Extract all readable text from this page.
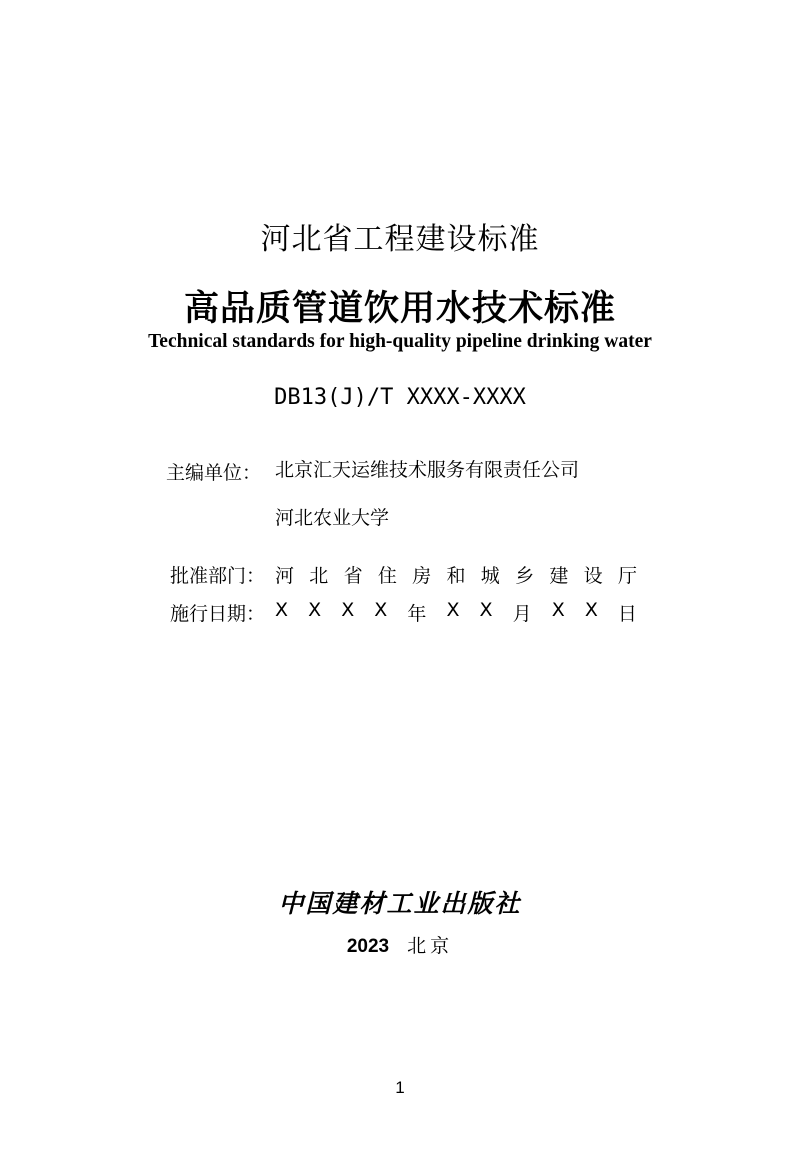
河北省工程建设标准
高品质管道饮用水技术标准
Technical standards for high-quality pipeline drinking water
DB13(J)/T XXXX-XXXX
主编单位： 北京汇天运维技术服务有限责任公司
河北农业大学
批准部门： 河 北 省 住 房 和 城 乡 建 设 厅
施行日期： X X X X 年 X X 月 X X 日
中国建材工业出版社
2023 北京
1
